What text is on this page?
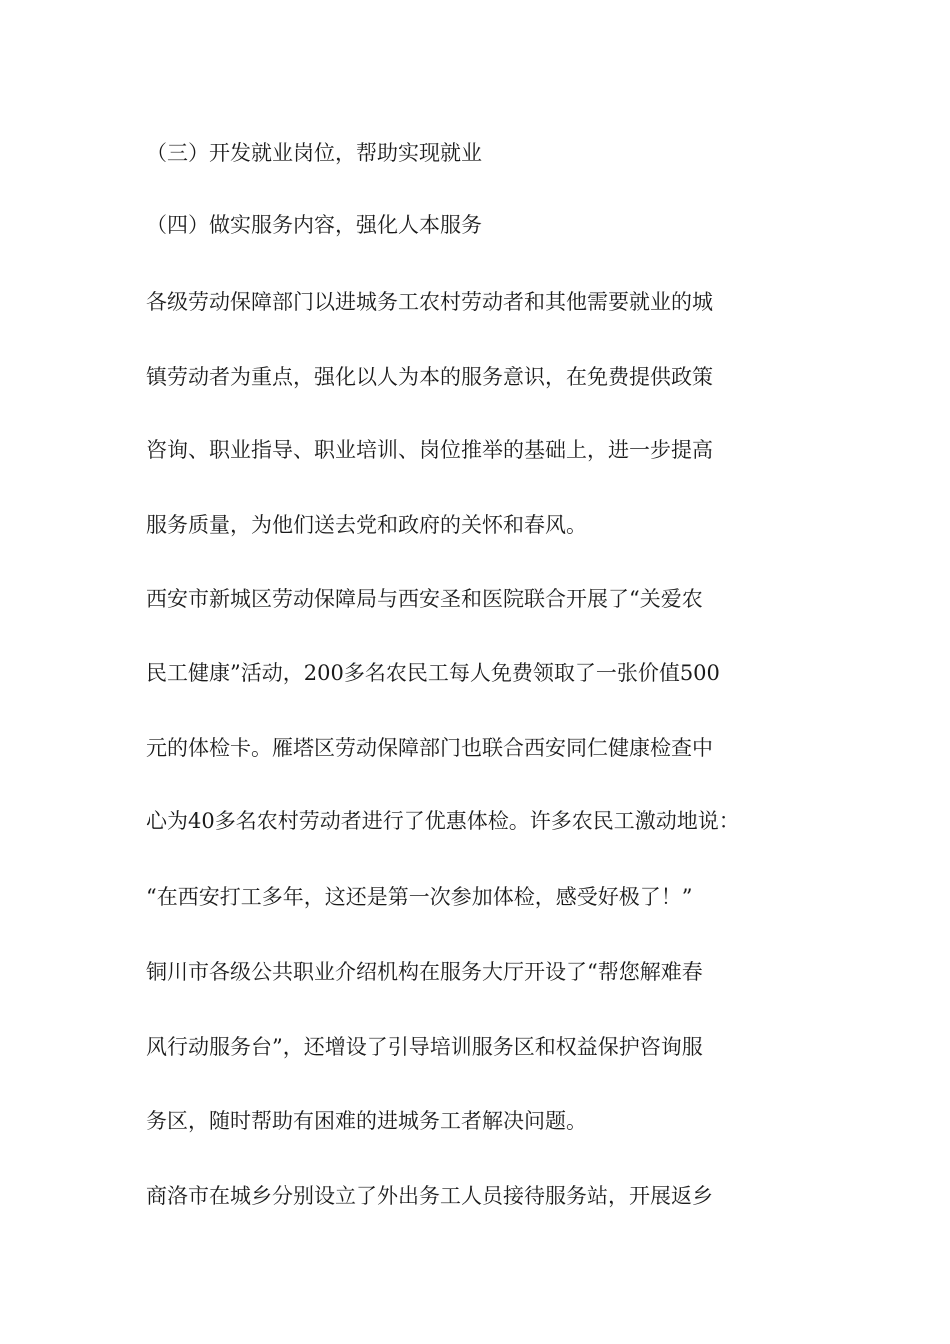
（三）开发就业岗位，帮助实现就业
（四）做实服务内容，强化人本服务
各级劳动保障部门以进城务工农村劳动者和其他需要就业的城
镇劳动者为重点，强化以人为本的服务意识，在免费提供政策
咨询、职业指导、职业培训、岗位推举的基础上，进一步提高
服务质量，为他们送去党和政府的关怀和春风。
西安市新城区劳动保障局与西安圣和医院联合开展了“关爱农
民工健康”活动，200多名农民工每人免费领取了一张价值500
元的体检卡。雁塔区劳动保障部门也联合西安同仁健康检查中
心为40多名农村劳动者进行了优惠体检。许多农民工激动地说：
“在西安打工多年，这还是第一次参加体检，感受好极了！”
铜川市各级公共职业介绍机构在服务大厅开设了“帮您解难春
风行动服务台”，还增设了引导培训服务区和权益保护咨询服
务区，随时帮助有困难的进城务工者解决问题。
商洛市在城乡分别设立了外出务工人员接待服务站，开展返乡
